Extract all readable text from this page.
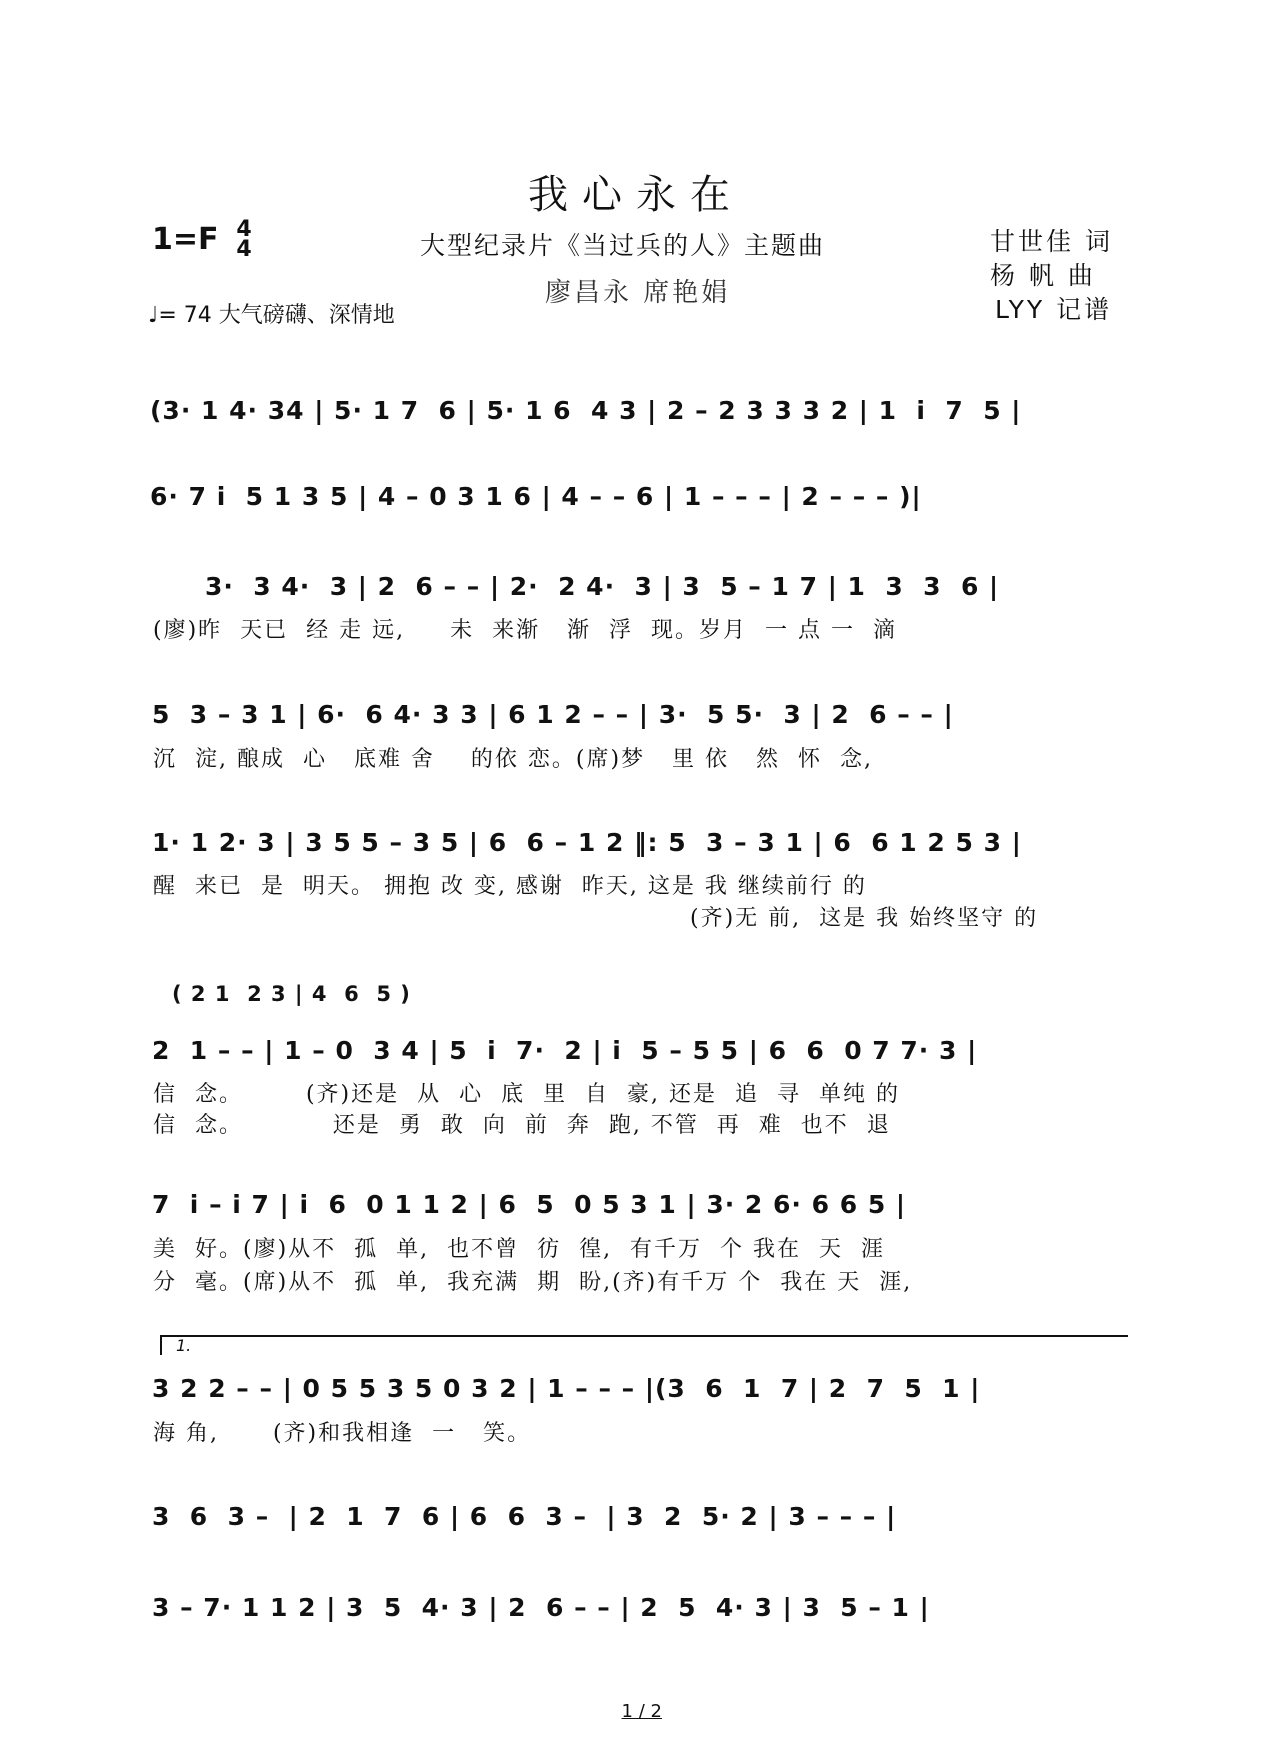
我心永在
1=F 4
4	大型纪录片《当过兵的人》主题曲
廖昌永 席艳娟
甘世佳 词
杨 帆 曲
LYY 记谱
♩= 74 大气磅礴、深情地
(3· 1 4· 34 | 5· 1 7  6 | 5· 1 6  4 3 | 2 – 2 3 3 3 2 | 1  i  7  5 |
6· 7 i  5 1 3 5 | 4 – 0 3 1 6 | 4 – – 6 | 1 – – – | 2 – – – )|
3·  3 4·  3 | 2  6 – – | 2·  2 4·  3 | 3  5 – 1 7 | 1  3  3  6 |
(廖)昨  天已  经 走 远,     未  来渐   渐  浮  现。岁月  一 点 一  滴
5  3 – 3 1 | 6·  6 4· 3 3 | 6 1 2 – – | 3·  5 5·  3 | 2  6 – – |
沉  淀, 酿成  心   底难 舍    的依 恋。(席)梦   里 依   然  怀  念,
1· 1 2· 3 | 3 5 5 – 3 5 | 6  6 – 1 2 ‖: 5  3 – 3 1 | 6  6 1 2 5 3 |
醒  来已  是  明天。 拥抱 改 变, 感谢  昨天, 这是 我 继续前行 的
(齐)无 前,  这是 我 始终坚守 的
( 2 1  2 3 | 4  6  5 )
2  1 – – | 1 – 0  3 4 | 5  i  7·  2 | i  5 – 5 5 | 6  6  0 7 7· 3 |
信  念。       (齐)还是  从  心  底  里  自  豪, 还是  追  寻  单纯 的
信  念。          还是  勇  敢  向  前  奔  跑, 不管  再  难  也不  退
7  i – i 7 | i  6  0 1 1 2 | 6  5  0 5 3 1 | 3· 2 6· 6 6 5 |
美  好。(廖)从不  孤  单,  也不曾  彷  徨,  有千万  个 我在  天  涯
分  毫。(席)从不  孤  单,  我充满  期  盼,(齐)有千万 个  我在 天  涯,
1.
3 2 2 – – | 0 5 5 3 5 0 3 2 | 1 – – – |(3  6  1  7 | 2  7  5  1 |
海 角,      (齐)和我相逢  一   笑。
3  6  3 –  | 2  1  7  6 | 6  6  3 –  | 3  2  5· 2 | 3 – – – |
3 – 7· 1 1 2 | 3  5  4· 3 | 2  6 – – | 2  5  4· 3 | 3  5 – 1 |

1 / 2
